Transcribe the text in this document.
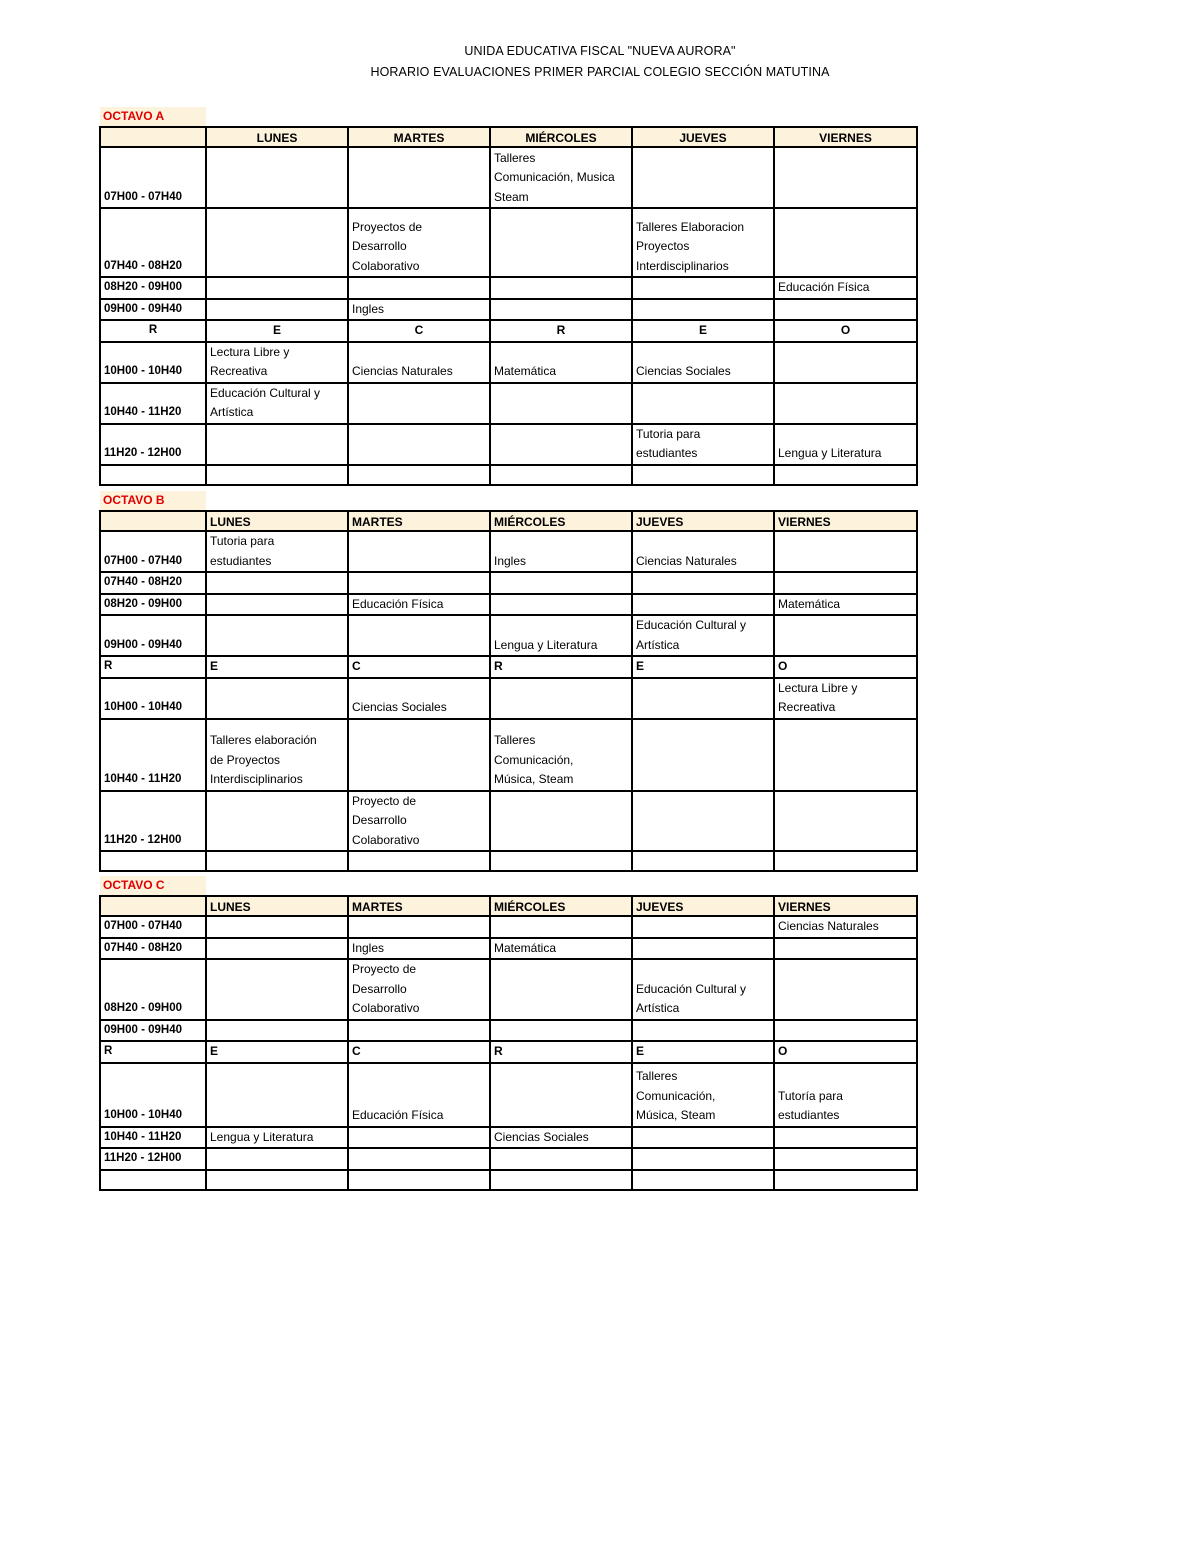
UNIDA EDUCATIVA FISCAL "NUEVA AURORA"
HORARIO EVALUACIONES PRIMER PARCIAL COLEGIO SECCIÓN MATUTINA
OCTAVO A
	LUNES	MARTES	MIÉRCOLES	JUEVES	VIERNES
07H00 - 07H40			Talleres
Comunicación, Musica
Steam		
07H40 - 08H20		Proyectos de
Desarrollo
Colaborativo		Talleres Elaboracion
Proyectos
Interdisciplinarios	
08H20 - 09H00					Educación Física
09H00 - 09H40		Ingles			
R	E	C	R	E	O
10H00 - 10H40	Lectura Libre y
Recreativa	Ciencias Naturales	Matemática	Ciencias Sociales	
10H40 - 11H20	Educación Cultural y
Artística				
11H20 - 12H00				Tutoria para
estudiantes	Lengua y Literatura

OCTAVO B
	LUNES	MARTES	MIÉRCOLES	JUEVES	VIERNES
07H00 - 07H40	Tutoria para
estudiantes		Ingles	Ciencias Naturales	
07H40 - 08H20					
08H20 - 09H00		Educación Física			Matemática
09H00 - 09H40			Lengua y Literatura	Educación Cultural y
Artística	
R	E	C	R	E	O
10H00 - 10H40		Ciencias Sociales			Lectura Libre y
Recreativa
10H40 - 11H20	Talleres elaboración
de Proyectos
Interdisciplinarios		Talleres
Comunicación,
Música, Steam		
11H20 - 12H00		Proyecto de
Desarrollo
Colaborativo			

OCTAVO C
	LUNES	MARTES	MIÉRCOLES	JUEVES	VIERNES
07H00 - 07H40					Ciencias Naturales
07H40 - 08H20		Ingles	Matemática		
08H20 - 09H00		Proyecto de
Desarrollo
Colaborativo		Educación Cultural y
Artística	
09H00 - 09H40					
R	E	C	R	E	O
10H00 - 10H40		Educación Física		Talleres
Comunicación,
Música, Steam	Tutoría para
estudiantes
10H40 - 11H20	Lengua y Literatura		Ciencias Sociales		
11H20 - 12H00					
